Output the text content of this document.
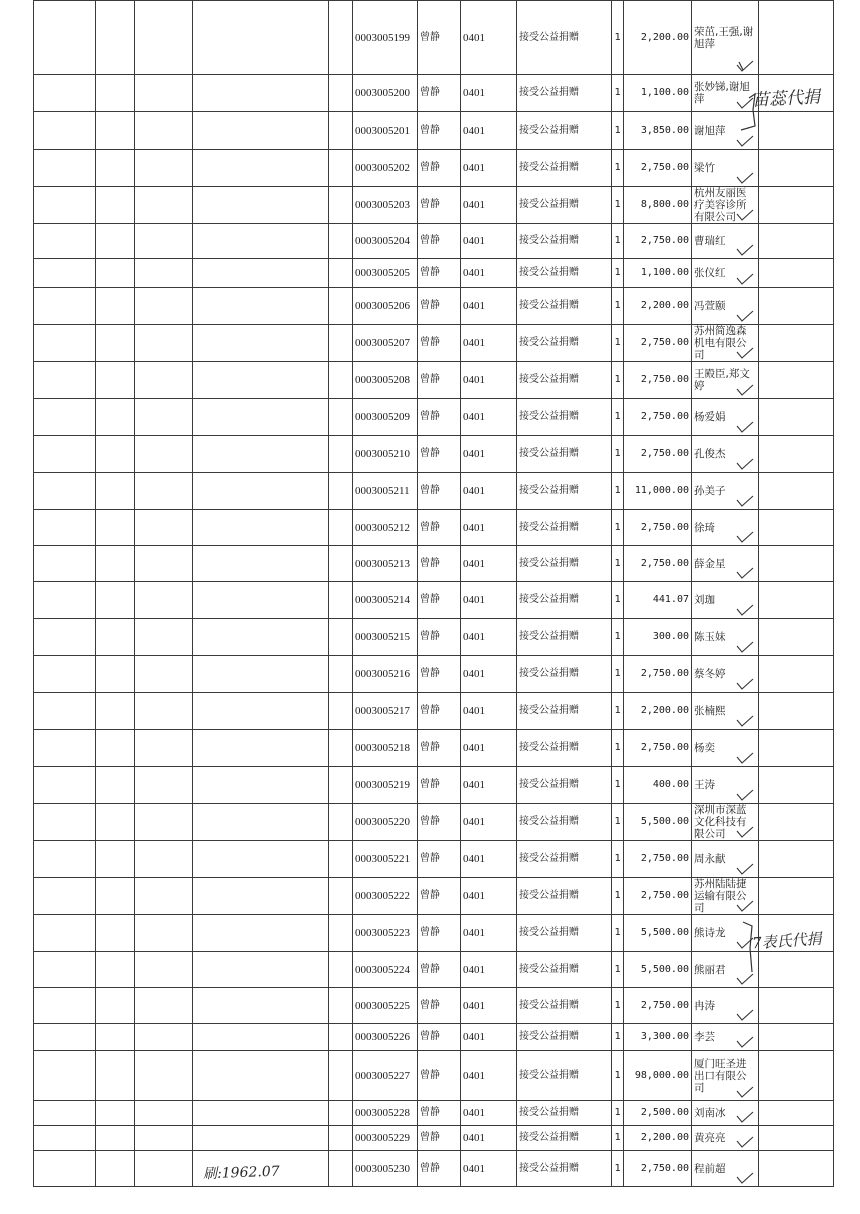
					0003005199	曾静	0401	接受公益捐赠	1	2,200.00	荣茁,王强,谢旭萍	

					0003005200	曾静	0401	接受公益捐赠	1	1,100.00	张妙锑,谢旭萍	

					0003005201	曾静	0401	接受公益捐赠	1	3,850.00	谢旭萍	

					0003005202	曾静	0401	接受公益捐赠	1	2,750.00	梁竹	

					0003005203	曾静	0401	接受公益捐赠	1	8,800.00	杭州友丽医疗美容诊所有限公司	

					0003005204	曾静	0401	接受公益捐赠	1	2,750.00	曹瑞红	

					0003005205	曾静	0401	接受公益捐赠	1	1,100.00	张仪红	

					0003005206	曾静	0401	接受公益捐赠	1	2,200.00	冯萱颐	

					0003005207	曾静	0401	接受公益捐赠	1	2,750.00	苏州简逸森机电有限公司	

					0003005208	曾静	0401	接受公益捐赠	1	2,750.00	王殿臣,郑文婷	

					0003005209	曾静	0401	接受公益捐赠	1	2,750.00	杨爱娟	

					0003005210	曾静	0401	接受公益捐赠	1	2,750.00	孔俊杰	

					0003005211	曾静	0401	接受公益捐赠	1	11,000.00	孙美子	

					0003005212	曾静	0401	接受公益捐赠	1	2,750.00	徐琦	

					0003005213	曾静	0401	接受公益捐赠	1	2,750.00	薛金星	

					0003005214	曾静	0401	接受公益捐赠	1	441.07	刘珈	

					0003005215	曾静	0401	接受公益捐赠	1	300.00	陈玉妹	

					0003005216	曾静	0401	接受公益捐赠	1	2,750.00	蔡冬婷	

					0003005217	曾静	0401	接受公益捐赠	1	2,200.00	张楠熙	

					0003005218	曾静	0401	接受公益捐赠	1	2,750.00	杨奕	

					0003005219	曾静	0401	接受公益捐赠	1	400.00	王涛	

					0003005220	曾静	0401	接受公益捐赠	1	5,500.00	深圳市深蓝文化科技有限公司	

					0003005221	曾静	0401	接受公益捐赠	1	2,750.00	周永献	

					0003005222	曾静	0401	接受公益捐赠	1	2,750.00	苏州陆陆捷运输有限公司	

					0003005223	曾静	0401	接受公益捐赠	1	5,500.00	熊诗龙	

					0003005224	曾静	0401	接受公益捐赠	1	5,500.00	熊丽君	

					0003005225	曾静	0401	接受公益捐赠	1	2,750.00	冉涛	

					0003005226	曾静	0401	接受公益捐赠	1	3,300.00	李芸	

					0003005227	曾静	0401	接受公益捐赠	1	98,000.00	厦门旺圣进出口有限公司	

					0003005228	曾静	0401	接受公益捐赠	1	2,500.00	刘南冰	

					0003005229	曾静	0401	接受公益捐赠	1	2,200.00	黄亮亮	

					0003005230	曾静	0401	接受公益捐赠	1	2,750.00	程前超	

苗蕊代捐
7表氏代捐
刷:1962.07
